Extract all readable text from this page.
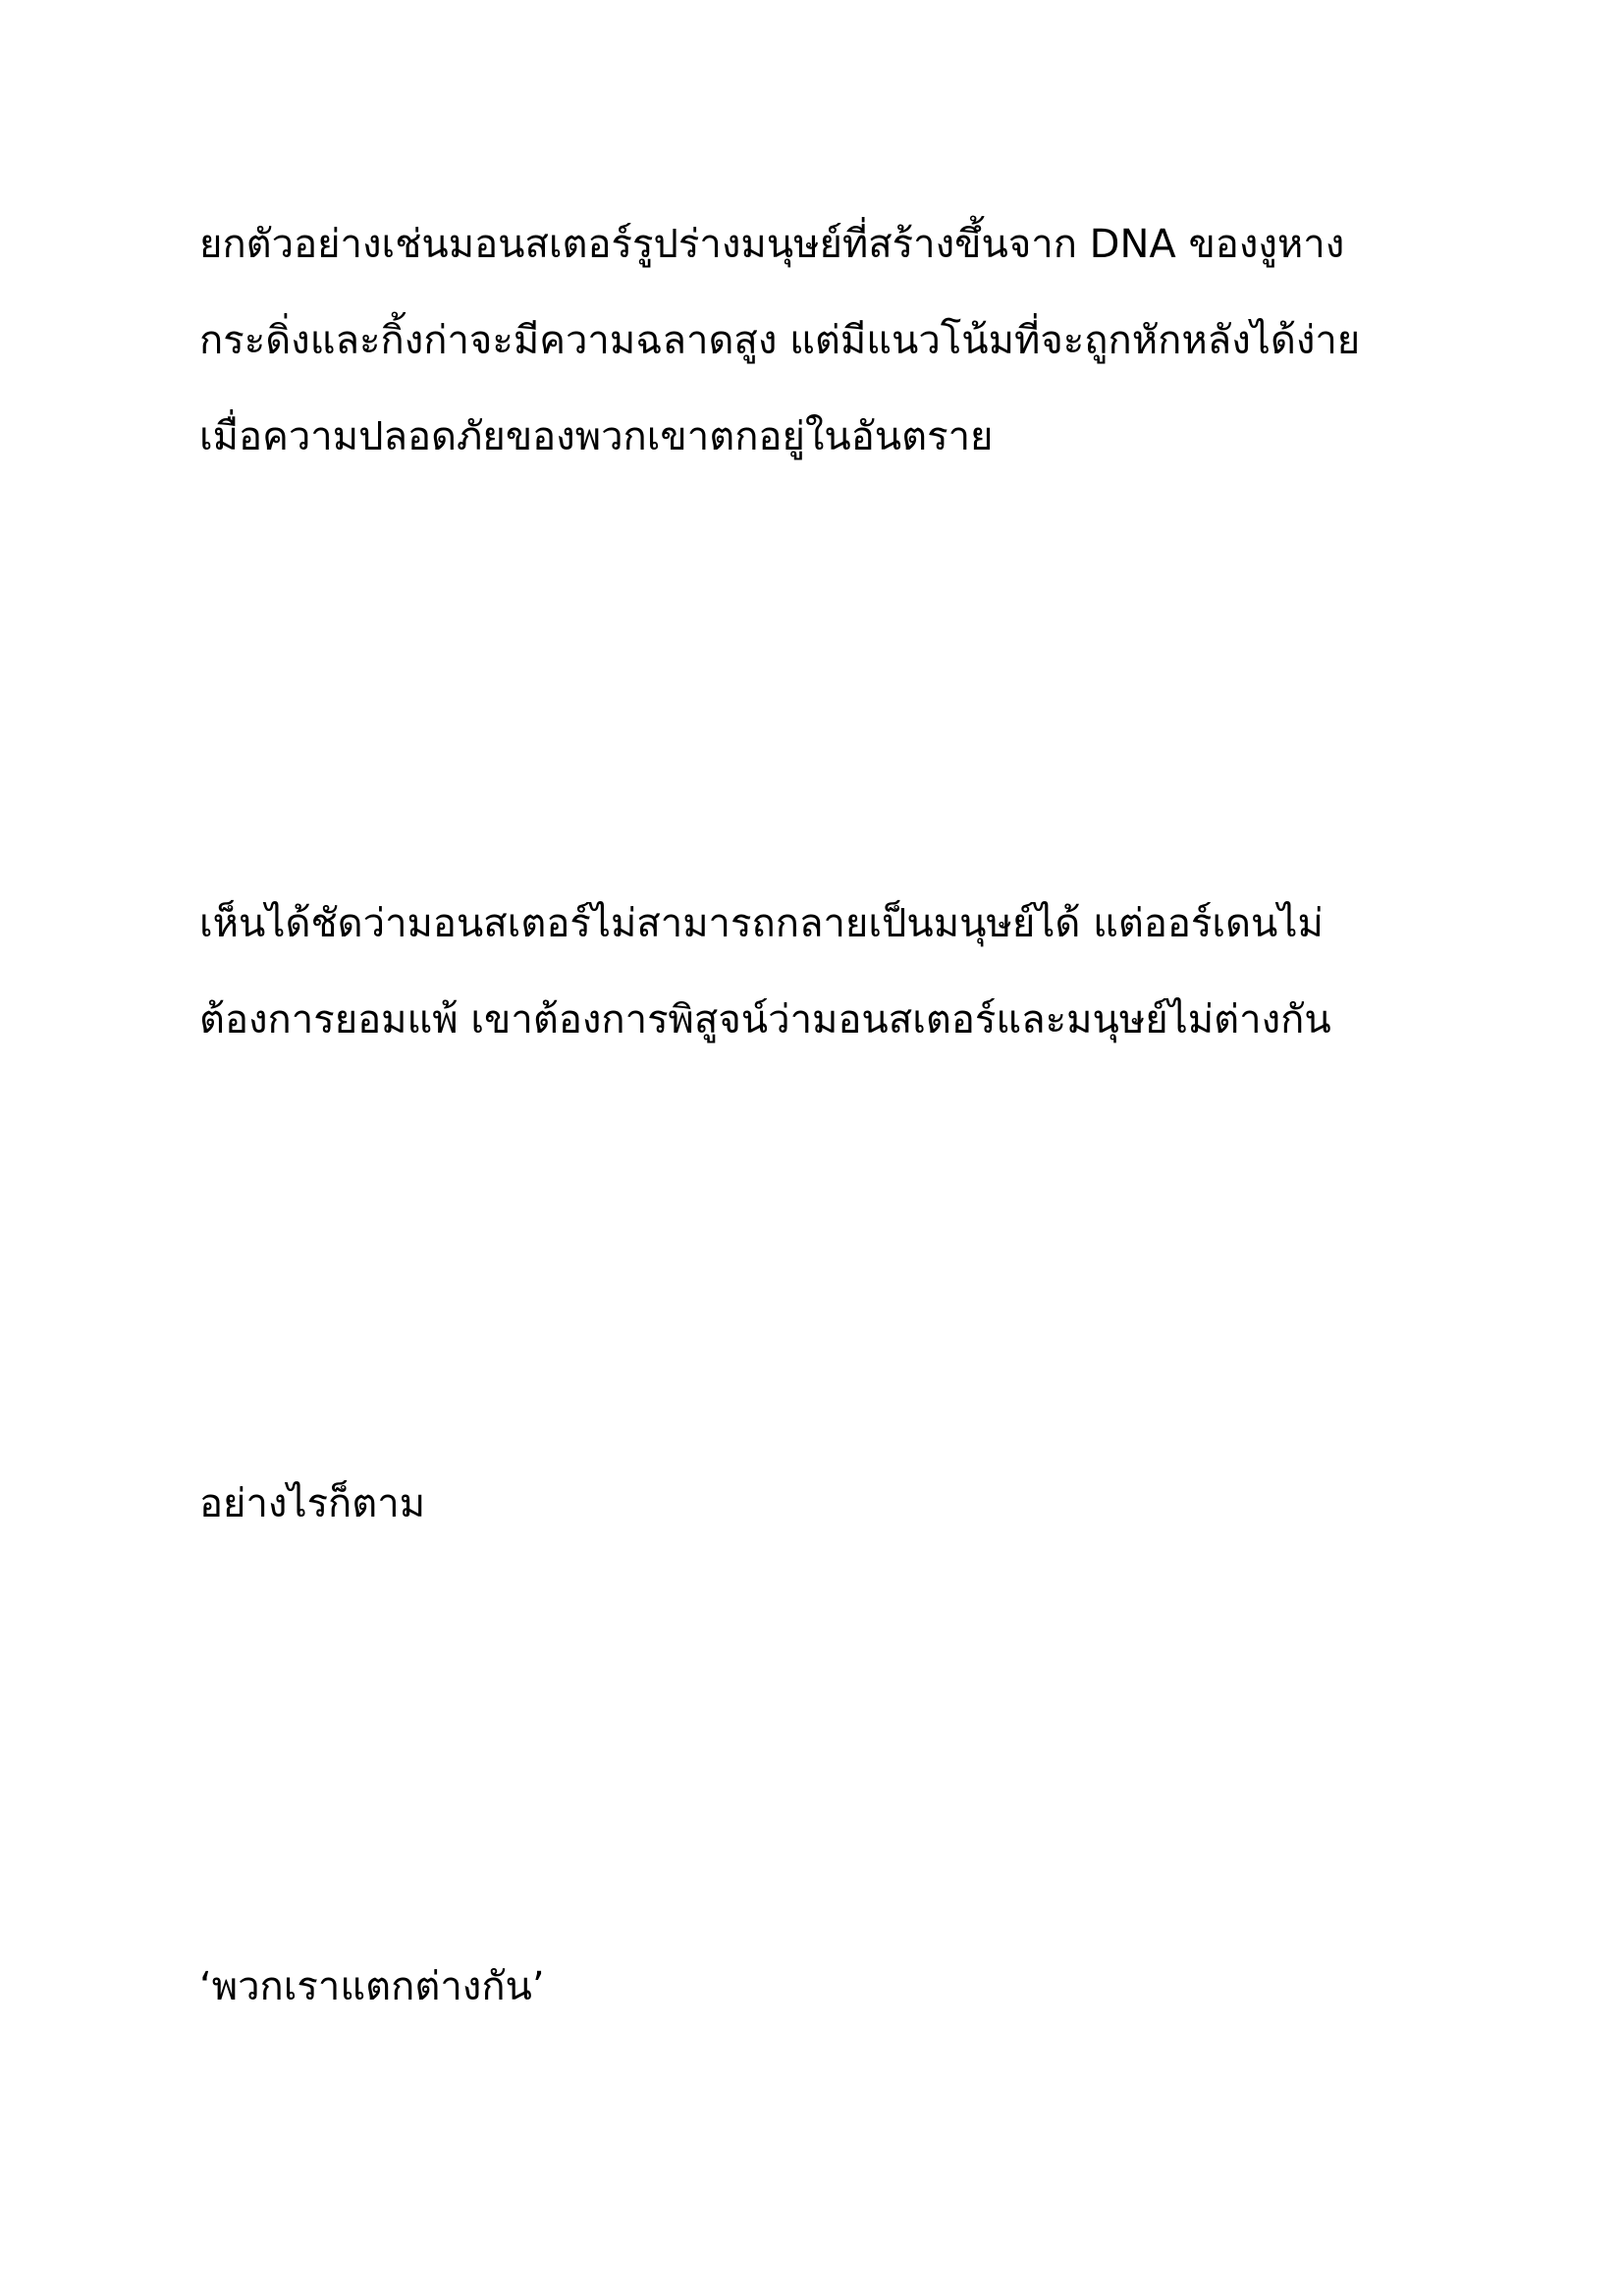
ยกตัวอย่างเช่นมอนสเตอร์รูปร่างมนุษย์ที่สร้างขึ้นจาก DNA ของงูหาง
กระดิ่งและกิ้งก่าจะมีความฉลาดสูง แต่มีแนวโน้มที่จะถูกหักหลังได้ง่าย
เมื่อความปลอดภัยของพวกเขาตกอยู่ในอันตราย

เห็นได้ชัดว่ามอนสเตอร์ไม่สามารถกลายเป็นมนุษย์ได้ แต่ออร์เดนไม่
ต้องการยอมแพ้ เขาต้องการพิสูจน์ว่ามอนสเตอร์และมนุษย์ไม่ต่างกัน

อย่างไรก็ตาม

‘พวกเราแตกต่างกัน’
